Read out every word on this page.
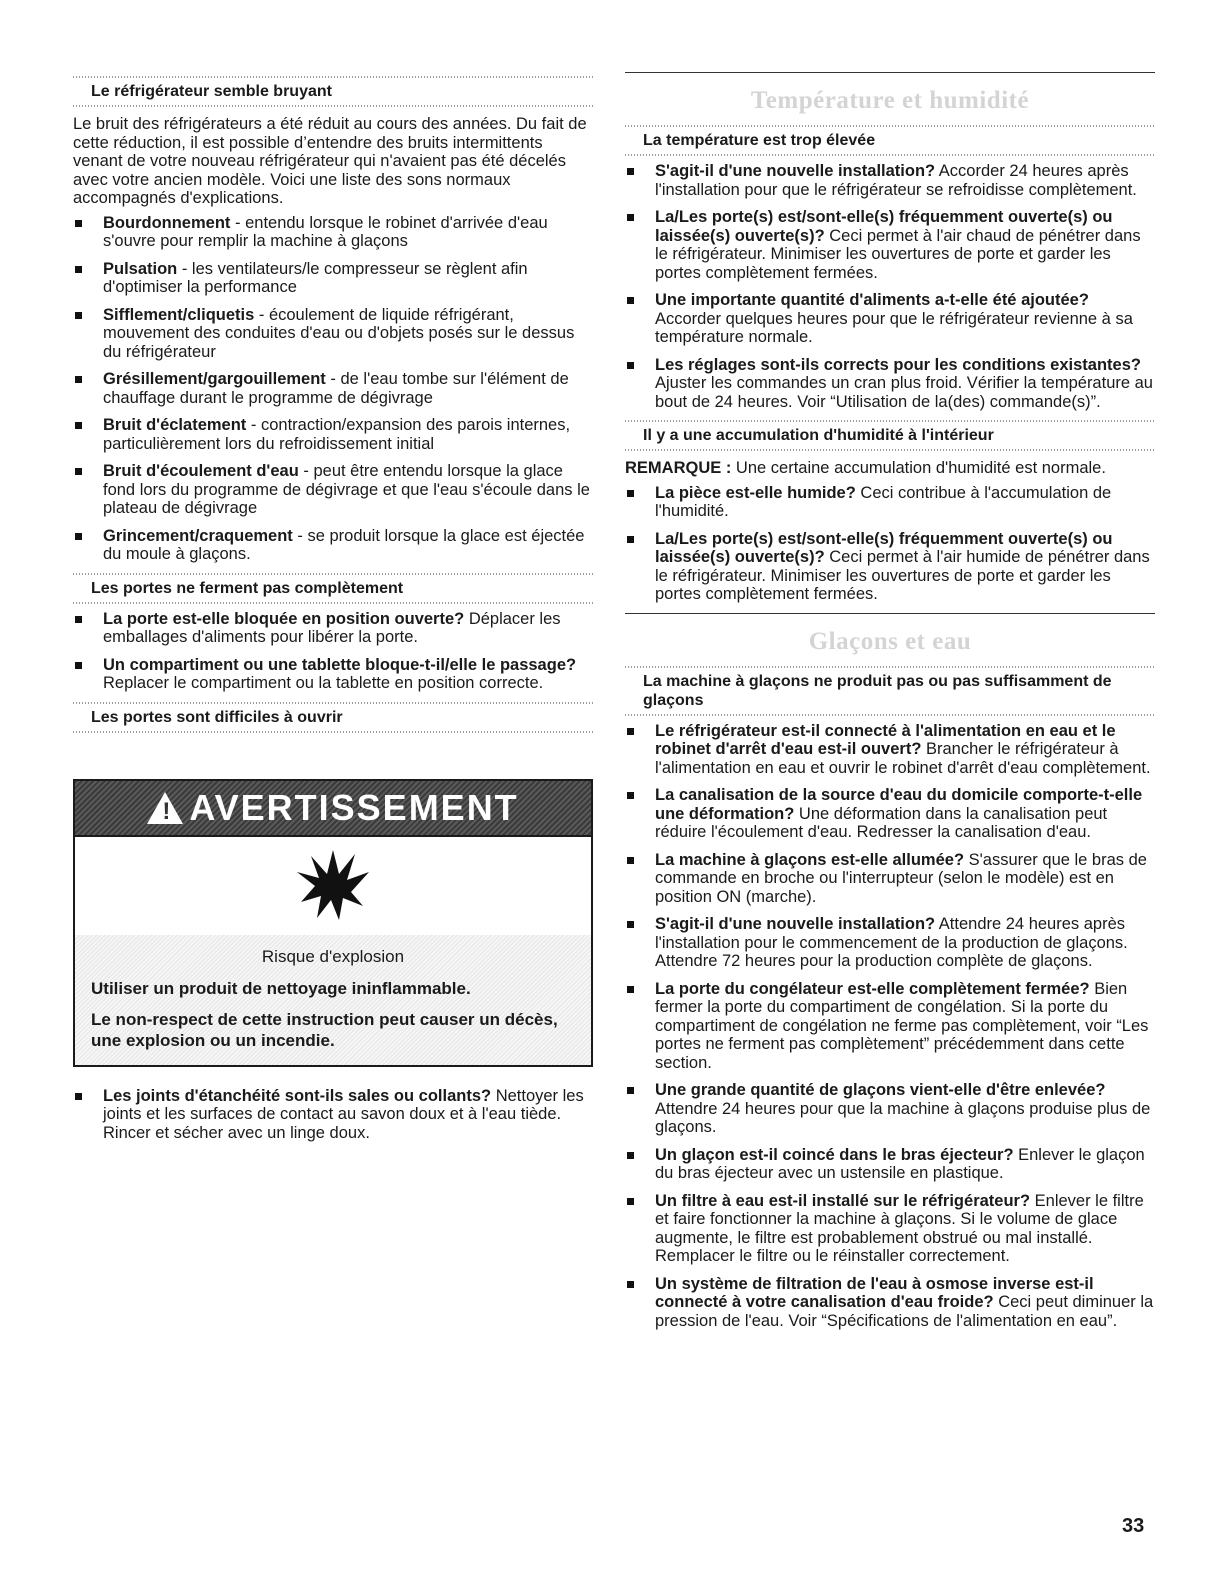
Le réfrigérateur semble bruyant

Le bruit des réfrigérateurs a été réduit au cours des années. Du fait de cette réduction, il est possible d’entendre des bruits intermittents venant de votre nouveau réfrigérateur qui n'avaient pas été décelés avec votre ancien modèle. Voici une liste des sons normaux accompagnés d'explications.

Bourdonnement - entendu lorsque le robinet d'arrivée d'eau s'ouvre pour remplir la machine à glaçons
Pulsation - les ventilateurs/le compresseur se règlent afin d'optimiser la performance
Sifflement/cliquetis - écoulement de liquide réfrigérant, mouvement des conduites d'eau ou d'objets posés sur le dessus du réfrigérateur
Grésillement/gargouillement - de l'eau tombe sur l'élément de chauffage durant le programme de dégivrage
Bruit d'éclatement - contraction/expansion des parois internes, particulièrement lors du refroidissement initial
Bruit d'écoulement d'eau - peut être entendu lorsque la glace fond lors du programme de dégivrage et que l'eau s'écoule dans le plateau de dégivrage
Grincement/craquement - se produit lorsque la glace est éjectée du moule à glaçons.
Les portes ne ferment pas complètement
La porte est-elle bloquée en position ouverte? Déplacer les emballages d'aliments pour libérer la porte.
Un compartiment ou une tablette bloque-t-il/elle le passage? Replacer le compartiment ou la tablette en position correcte.
Les portes sont difficiles à ouvrir
! AVERTISSEMENT

Risque d'explosion

Utiliser un produit de nettoyage ininflammable.

Le non-respect de cette instruction peut causer un décès, une explosion ou un incendie.

Les joints d'étanchéité sont-ils sales ou collants? Nettoyer les joints et les surfaces de contact au savon doux et à l'eau tiède. Rincer et sécher avec un linge doux.
Température et humidité
La température est trop élevée
S'agit-il d'une nouvelle installation? Accorder 24 heures après l'installation pour que le réfrigérateur se refroidisse complètement.
La/Les porte(s) est/sont-elle(s) fréquemment ouverte(s) ou laissée(s) ouverte(s)? Ceci permet à l'air chaud de pénétrer dans le réfrigérateur. Minimiser les ouvertures de porte et garder les portes complètement fermées.
Une importante quantité d'aliments a-t-elle été ajoutée? Accorder quelques heures pour que le réfrigérateur revienne à sa température normale.
Les réglages sont-ils corrects pour les conditions existantes? Ajuster les commandes un cran plus froid. Vérifier la température au bout de 24 heures. Voir “Utilisation de la(des) commande(s)”.
Il y a une accumulation d'humidité à l'intérieur

REMARQUE : Une certaine accumulation d'humidité est normale.

La pièce est-elle humide? Ceci contribue à l'accumulation de l'humidité.
La/Les porte(s) est/sont-elle(s) fréquemment ouverte(s) ou laissée(s) ouverte(s)? Ceci permet à l'air humide de pénétrer dans le réfrigérateur. Minimiser les ouvertures de porte et garder les portes complètement fermées.
Glaçons et eau
La machine à glaçons ne produit pas ou pas suffisamment de glaçons
Le réfrigérateur est-il connecté à l'alimentation en eau et le robinet d'arrêt d'eau est-il ouvert? Brancher le réfrigérateur à l'alimentation en eau et ouvrir le robinet d'arrêt d'eau complètement.
La canalisation de la source d'eau du domicile comporte-t-elle une déformation? Une déformation dans la canalisation peut réduire l'écoulement d'eau. Redresser la canalisation d'eau.
La machine à glaçons est-elle allumée? S'assurer que le bras de commande en broche ou l'interrupteur (selon le modèle) est en position ON (marche).
S'agit-il d'une nouvelle installation? Attendre 24 heures après l'installation pour le commencement de la production de glaçons. Attendre 72 heures pour la production complète de glaçons.
La porte du congélateur est-elle complètement fermée? Bien fermer la porte du compartiment de congélation. Si la porte du compartiment de congélation ne ferme pas complètement, voir “Les portes ne ferment pas complètement” précédemment dans cette section.
Une grande quantité de glaçons vient-elle d'être enlevée? Attendre 24 heures pour que la machine à glaçons produise plus de glaçons.
Un glaçon est-il coincé dans le bras éjecteur? Enlever le glaçon du bras éjecteur avec un ustensile en plastique.
Un filtre à eau est-il installé sur le réfrigérateur? Enlever le filtre et faire fonctionner la machine à glaçons. Si le volume de glace augmente, le filtre est probablement obstrué ou mal installé. Remplacer le filtre ou le réinstaller correctement.
Un système de filtration de l'eau à osmose inverse est-il connecté à votre canalisation d'eau froide? Ceci peut diminuer la pression de l'eau. Voir “Spécifications de l'alimentation en eau”.
33
